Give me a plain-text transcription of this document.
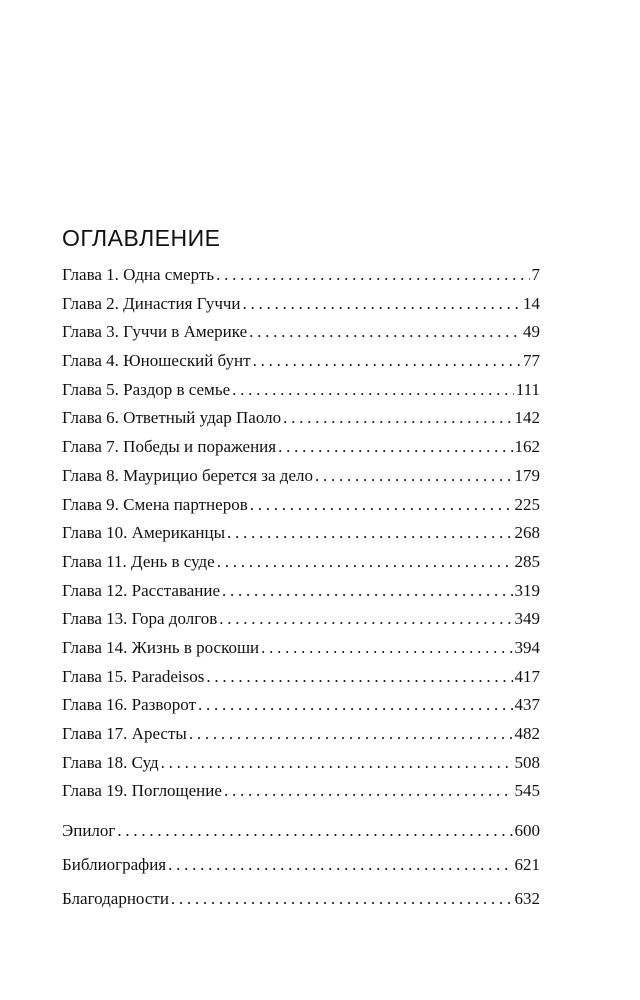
ОГЛАВЛЕНИЕ
Глава 1. Одна смерть . . .	7
Глава 2. Династия Гуччи . . .	14
Глава 3. Гуччи в Америке . . .	49
Глава 4. Юношеский бунт . . .	77
Глава 5. Раздор в семье . . .	111
Глава 6. Ответный удар Паоло . . .	142
Глава 7. Победы и поражения . . .	162
Глава 8. Маурицио берется за дело . . .	179
Глава 9. Смена партнеров . . .	225
Глава 10. Американцы . . .	268
Глава 11. День в суде . . .	285
Глава 12. Расставание . . .	319
Глава 13. Гора долгов . . .	349
Глава 14. Жизнь в роскоши . . .	394
Глава 15. Paradeisos . . .	417
Глава 16. Разворот . . .	437
Глава 17. Аресты . . .	482
Глава 18. Суд . . .	508
Глава 19. Поглощение . . .	545
Эпилог . . .	600
Библиография . . .	621
Благодарности . . .	632
